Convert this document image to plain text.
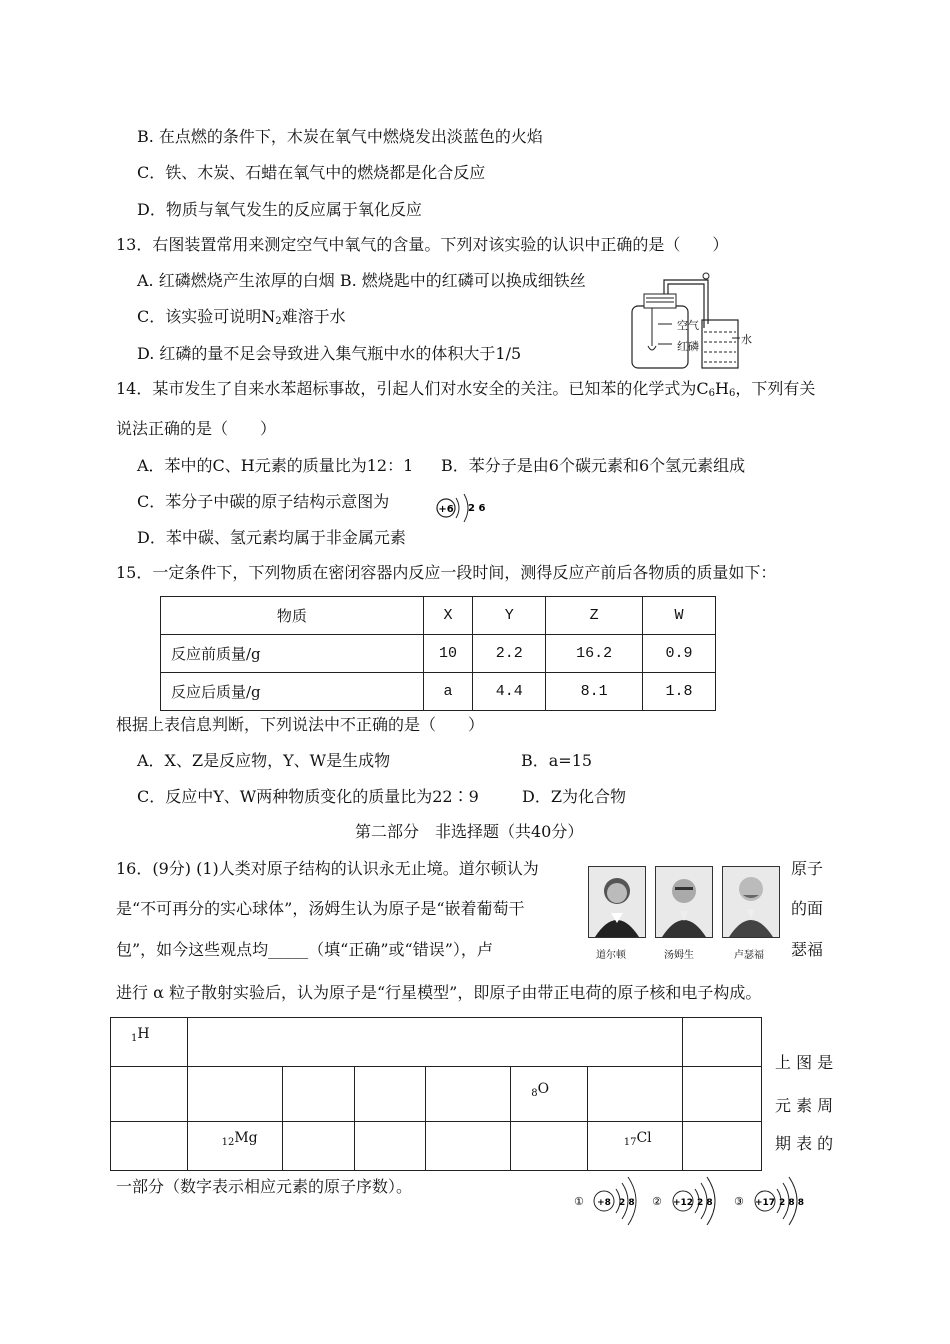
B. 在点燃的条件下，木炭在氧气中燃烧发出淡蓝色的火焰
C．铁、木炭、石蜡在氧气中的燃烧都是化合反应
D．物质与氧气发生的反应属于氧化反应
13．右图装置常用来测定空气中氧气的含量。下列对该实验的认识中正确的是（　　）
A. 红磷燃烧产生浓厚的白烟 B. 燃烧匙中的红磷可以换成细铁丝
C．该实验可说明$N_2$难溶于水
D. 红磷的量不足会导致进入集气瓶中水的体积大于1/5
空气
红磷
水
14．某市发生了自来水苯超标事故，引起人们对水安全的关注。已知苯的化学式为$C_6H_6$，下列有关
说法正确的是（　　）
A．苯中的C、H元素的质量比为12：1 B．苯分子是由6个碳元素和6个氢元素组成
C．苯分子中碳的原子结构示意图为	+6 2 6
D．苯中碳、氢元素均属于非金属元素
15．一定条件下，下列物质在密闭容器内反应一段时间，测得反应产前后各物质的质量如下：
物质	X	Y	Z	W
反应前质量/g	10	2.2	16.2	0.9
反应后质量/g	a	4.4	8.1	1.8
根据上表信息判断，下列说法中不正确的是（　　）
A．X、Z是反应物，Y、W是生成物	B．a=15
C．反应中Y、W两种物质变化的质量比为22∶9	D．Z为化合物
第二部分　非选择题（共40分）
16．(9分) (1)人类对原子结构的认识永无止境。道尔顿认为	原子
是“不可再分的实心球体”，汤姆生认为原子是“嵌着葡萄干	的面
包”，如今这些观点均_____（填“正确”或“错误”），卢	瑟福
进行 α 粒子散射实验后，认为原子是“行星模型”，即原子由带正电荷的原子核和电子构成。
道尔顿	汤姆生	卢瑟福
$_1$H							
					$_8$O		
	$_{12}$Mg					$_{17}$Cl	
上 图 是
元 素 周
期 表 的
一部分（数字表示相应元素的原子序数）。
① +8 2 8 ② +12 2 8 ③ +17 2 8 8
